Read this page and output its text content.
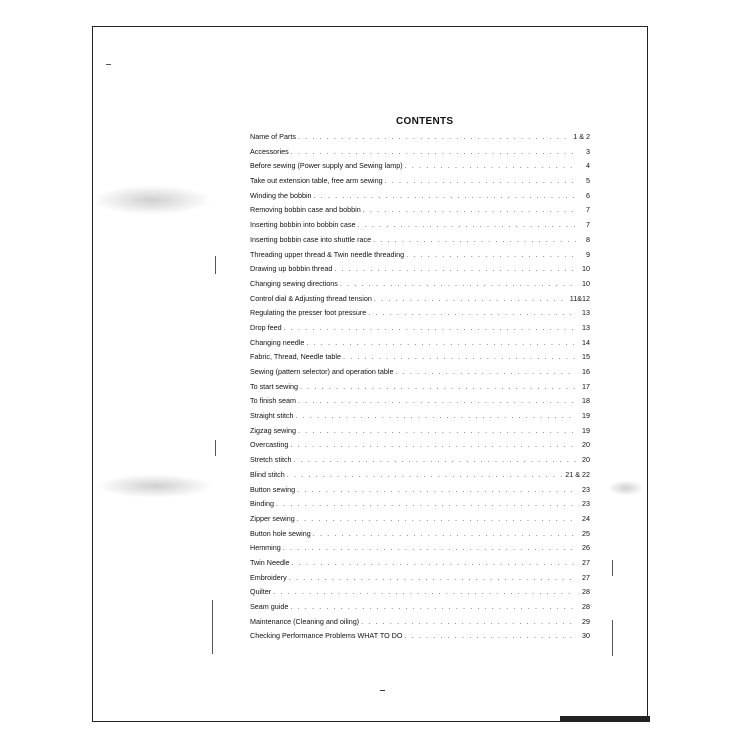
CONTENTS
Name of Parts . . .	1 & 2
Accessories . . .	3
Before sewing (Power supply and Sewing lamp) . . .	4
Take out extension table, free arm sewing . . .	5
Winding the bobbin . . .	6
Removing bobbin case and bobbin . . .	7
Inserting bobbin into bobbin case . . .	7
Inserting bobbin case into shuttle race . . .	8
Threading upper thread & Twin needle threading . . .	9
Drawing up bobbin thread . . .	10
Changing sewing directions . . .	10
Control dial & Adjusting thread tension . . .	11&12
Regulating the presser foot pressure . . .	13
Drop feed . . .	13
Changing needle . . .	14
Fabric, Thread, Needle table . . .	15
Sewing (pattern selector) and operation table . . .	16
To start sewing . . .	17
To finish seam . . .	18
Straight stitch . . .	19
Zigzag sewing . . .	19
Overcasting . . .	20
Stretch stitch . . .	20
Blind stitch . . .	21 & 22
Button sewing . . .	23
Binding . . .	23
Zipper sewing . . .	24
Button hole sewing . . .	25
Hemming . . .	26
Twin Needle . . .	27
Embroidery . . .	27
Quilter . . .	28
Seam guide . . .	28
Maintenance (Cleaning and oiling) . . .	29
Checking Performance Problems WHAT TO DO . . .	30
